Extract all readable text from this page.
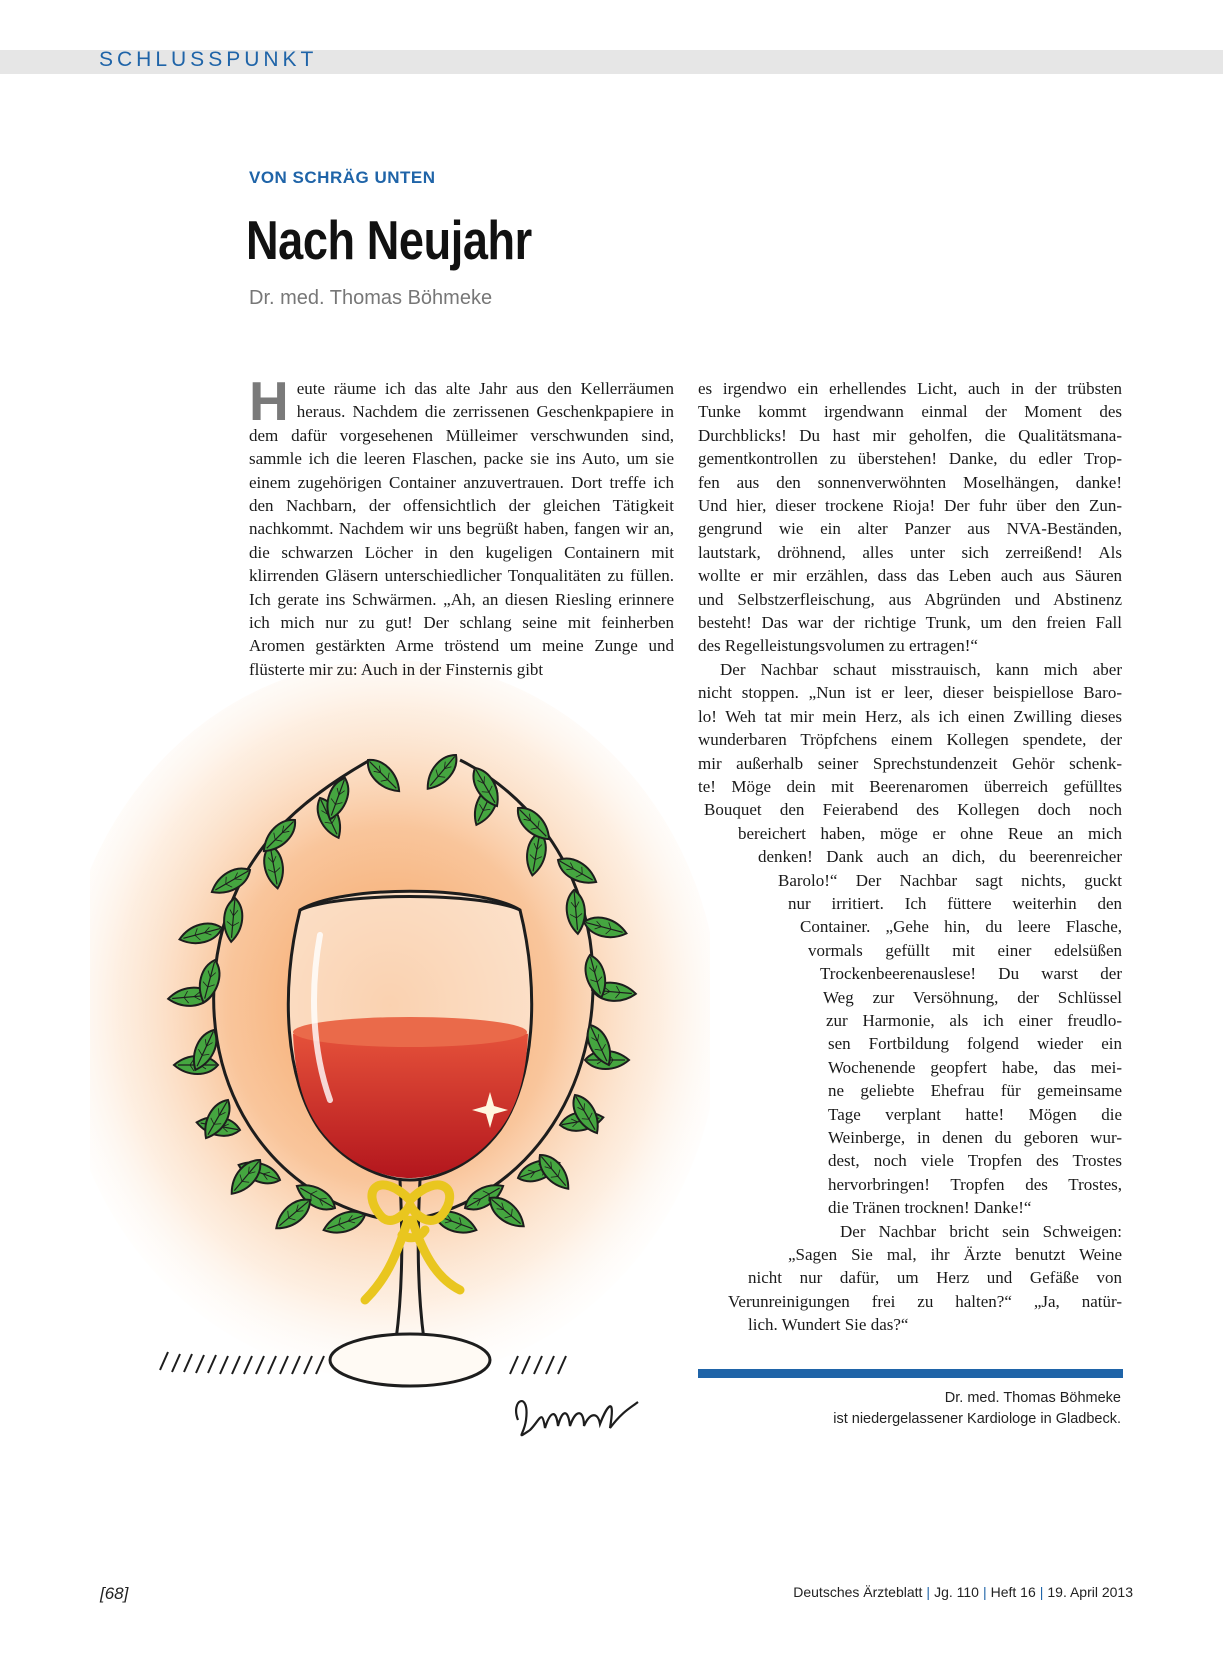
SCHLUSSPUNKT
VON SCHRÄG UNTEN
Nach Neujahr
Dr. med. Thomas Böhmeke

Heute räume ich das alte Jahr aus den Kellerräumen heraus. Nachdem die zerrissenen Geschenkpapiere in dem dafür vorgesehenen Mülleimer verschwunden sind, sammle ich die leeren Flaschen, packe sie ins Auto, um sie einem zugehörigen Container anzuvertrauen. Dort treffe ich den Nachbarn, der offensichtlich der gleichen Tätigkeit nachkommt. Nachdem wir uns begrüßt haben, fangen wir an, die schwarzen Löcher in den kugeligen Containern mit klirrenden Gläsern unterschiedlicher Tonqualitäten zu füllen. Ich gerate ins Schwärmen. „Ah, an diesen Riesling erinnere ich mich nur zu gut! Der schlang seine mit feinherben Aromen gestärkten Arme tröstend um meine Zunge und flüsterte mir zu: Auch in der Finsternis gibt

es irgendwo ein erhellendes Licht, auch in der trübsten
Tunke kommt irgendwann einmal der Moment des
Durchblicks! Du hast mir geholfen, die Qualitätsmana-
gementkontrollen zu überstehen! Danke, du edler Trop-
fen aus den sonnenverwöhnten Moselhängen, danke!
Und hier, dieser trockene Rioja! Der fuhr über den Zun-
gengrund wie ein alter Panzer aus NVA-Beständen,
lautstark, dröhnend, alles unter sich zerreißend! Als
wollte er mir erzählen, dass das Leben auch aus Säuren
und Selbstzerfleischung, aus Abgründen und Abstinenz
besteht! Das war der richtige Trunk, um den freien Fall
des Regelleistungsvolumen zu ertragen!“
Der Nachbar schaut misstrauisch, kann mich aber
nicht stoppen. „Nun ist er leer, dieser beispiellose Baro-
lo! Weh tat mir mein Herz, als ich einen Zwilling dieses
wunderbaren Tröpfchens einem Kollegen spendete, der
mir außerhalb seiner Sprechstundenzeit Gehör schenk-
te! Möge dein mit Beerenaromen überreich gefülltes
Bouquet den Feierabend des Kollegen doch noch
bereichert haben, möge er ohne Reue an mich
denken! Dank auch an dich, du beerenreicher
Barolo!“ Der Nachbar sagt nichts, guckt
nur irritiert. Ich füttere weiterhin den
Container. „Gehe hin, du leere Flasche,
vormals gefüllt mit einer edelsüßen
Trockenbeerenauslese! Du warst der
Weg zur Versöhnung, der Schlüssel
zur Harmonie, als ich einer freudlo-
sen Fortbildung folgend wieder ein
Wochenende geopfert habe, das mei-
ne geliebte Ehefrau für gemeinsame
Tage verplant hatte! Mögen die
Weinberge, in denen du geboren wur-
dest, noch viele Tropfen des Trostes
hervorbringen! Tropfen des Trostes,
die Tränen trocknen! Danke!“
Der Nachbar bricht sein Schweigen:
„Sagen Sie mal, ihr Ärzte benutzt Weine
nicht nur dafür, um Herz und Gefäße von
Verunreinigungen frei zu halten?“ „Ja, natür-
lich. Wundert Sie das?“
Dr. med. Thomas Böhmeke
ist niedergelassener Kardiologe in Gladbeck.
[68]	Deutsches Ärzteblatt | Jg. 110 | Heft 16 | 19. April 2013
